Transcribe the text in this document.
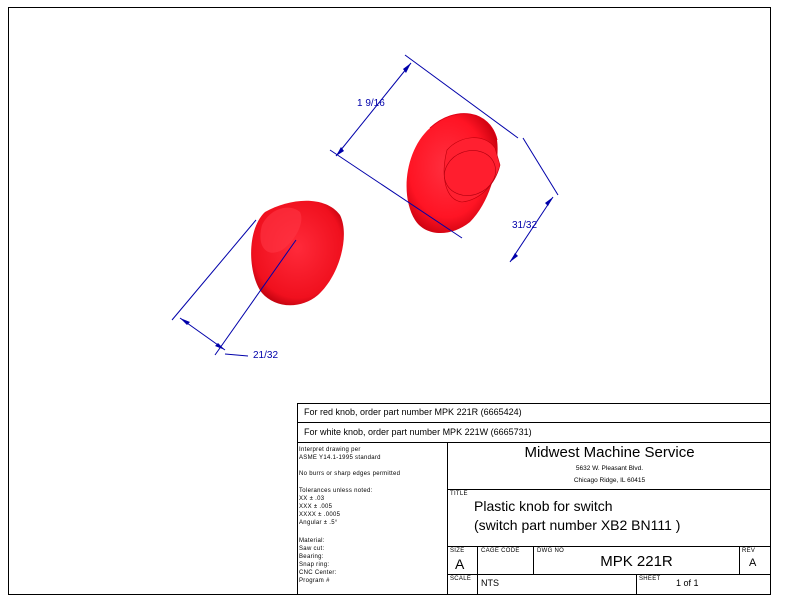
1 9/16
31/32
21/32
For red knob, order part number MPK 221R (6665424)
For white knob, order part number MPK 221W (6665731)
Interpret drawing per
ASME Y14.1-1995 standard
No burrs or sharp edges permitted
Tolerances unless noted:
XX ± .03
XXX ± .005
XXXX ± .0005
Angular ± .5°
Material:
Saw cut:
Bearing:
Snap ring:
CNC Center:
Program #
Midwest Machine Service
5632 W. Pleasant Blvd.
Chicago Ridge, IL 60415
TITLE
Plastic knob for switch
(switch part number XB2 BN111 )
SIZE
A
CAGE CODE	DWG NO
MPK 221R
REV
A
SCALE NTS	SHEET 1 of 1
